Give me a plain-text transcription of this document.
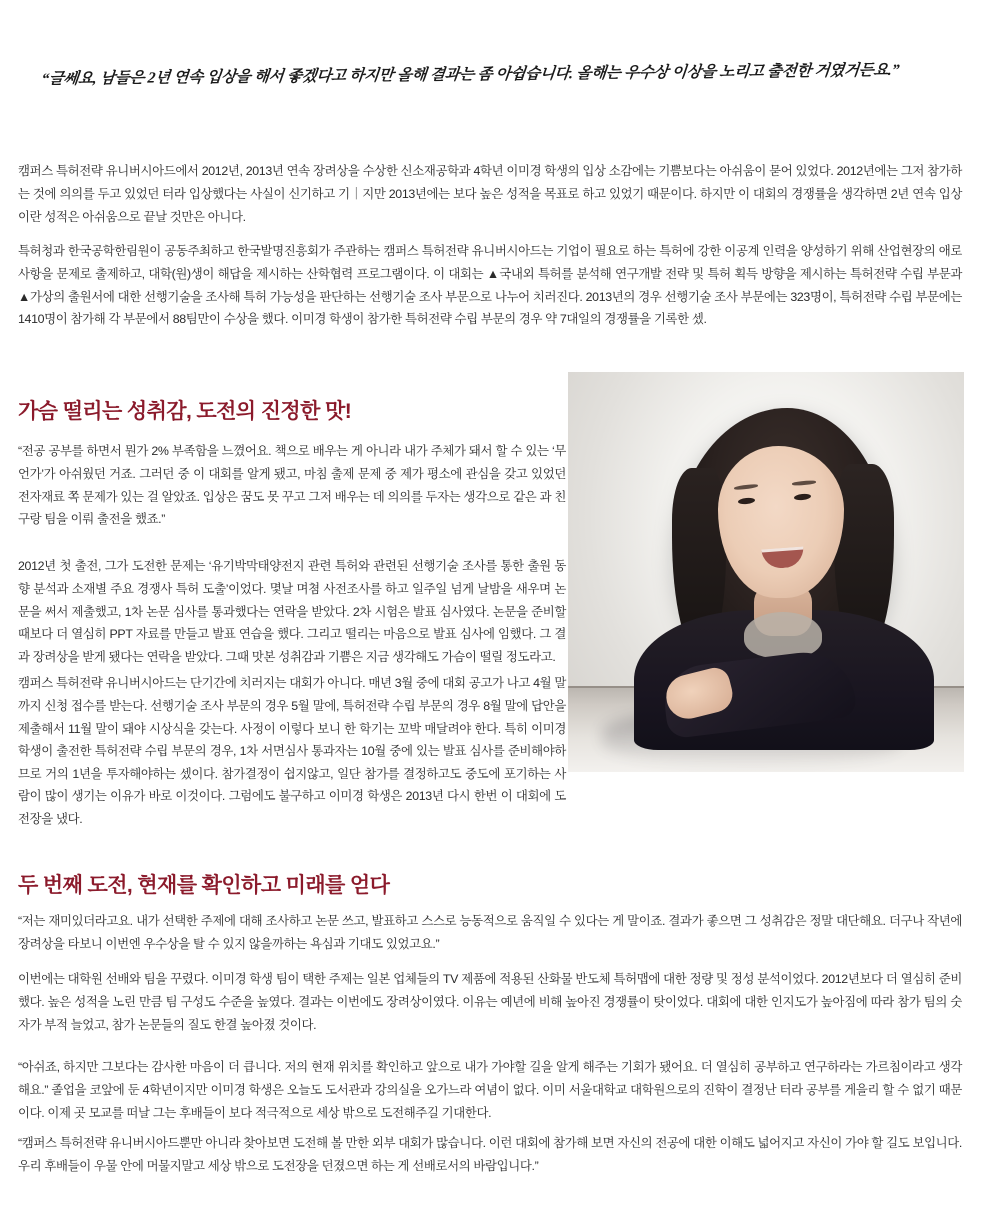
“글쎄요, 남들은 2년 연속 입상을 해서 좋겠다고 하지만 올해 결과는 좀 아쉽습니다. 올해는 우수상 이상을 노리고 출전한 거였거든요.”

캠퍼스 특허전략 유니버시아드에서 2012년, 2013년 연속 장려상을 수상한 신소재공학과 4학년 이미경 학생의 입상 소감에는 기쁨보다는 아쉬움이 묻어 있었다. 2012년에는 그저 참가하는 것에 의의를 두고 있었던 터라 입상했다는 사실이 신기하고 기｜지만 2013년에는 보다 높은 성적을 목표로 하고 있었기 때문이다. 하지만 이 대회의 경쟁률을 생각하면 2년 연속 입상이란 성적은 아쉬움으로 끝날 것만은 아니다.

특허청과 한국공학한림원이 공동주최하고 한국발명진흥회가 주관하는 캠퍼스 특허전략 유니버시아드는 기업이 필요로 하는 특허에 강한 이공계 인력을 양성하기 위해 산업현장의 애로사항을 문제로 출제하고, 대학(원)생이 해답을 제시하는 산학협력 프로그램이다. 이 대회는 ▲국내외 특허를 분석해 연구개발 전략 및 특허 획득 방향을 제시하는 특허전략 수립 부문과 ▲가상의 출원서에 대한 선행기술을 조사해 특허 가능성을 판단하는 선행기술 조사 부문으로 나누어 치러진다. 2013년의 경우 선행기술 조사 부문에는 323명이, 특허전략 수립 부문에는 1410명이 참가해 각 부문에서 88팀만이 수상을 했다. 이미경 학생이 참가한 특허전략 수립 부문의 경우 약 7대일의 경쟁률을 기록한 셌.

가슴 떨리는 성취감, 도전의 진정한 맛!

“전공 공부를 하면서 뭔가 2% 부족함을 느꼈어요. 책으로 배우는 게 아니라 내가 주체가 돼서 할 수 있는 ‘무언가’가 아쉬웠던 거죠. 그러던 중 이 대회를 알게 됐고, 마침 출제 문제 중 제가 평소에 관심을 갖고 있었던 전자재료 쪽 문제가 있는 걸 알았죠. 입상은 꿈도 못 꾸고 그저 배우는 데 의의를 두자는 생각으로 같은 과 친구랑 팀을 이뤄 출전을 했죠.”

2012년 첫 출전, 그가 도전한 문제는 ‘유기박막태양전지 관련 특허와 관련된 선행기술 조사를 통한 출원 동향 분석과 소재별 주요 경쟁사 특허 도출’이었다. 몇날 며쳠 사전조사를 하고 일주일 넘게 날밤을 새우며 논문을 써서 제출했고, 1차 논문 심사를 통과했다는 연락을 받았다. 2차 시험은 발표 심사였다. 논문을 준비할 때보다 더 열심히 PPT 자료를 만들고 발표 연습을 했다. 그리고 떨리는 마음으로 발표 심사에 임했다. 그 결과 장려상을 받게 됐다는 연락을 받았다. 그때 맛본 성취감과 기쁨은 지금 생각해도 가슴이 떨릴 정도라고.

캠퍼스 특허전략 유니버시아드는 단기간에 치러지는 대회가 아니다. 매년 3월 중에 대회 공고가 나고 4월 말까지 신청 접수를 받는다. 선행기술 조사 부문의 경우 5월 말에, 특허전략 수립 부문의 경우 8월 말에 답안을 제출해서 11월 말이 돼야 시상식을 갖는다. 사정이 이렇다 보니 한 학기는 꼬박 매달려야 한다. 특히 이미경 학생이 출전한 특허전략 수립 부문의 경우, 1차 서면심사 통과자는 10월 중에 있는 발표 심사를 준비해야하므로 거의 1년을 투자해야하는 셌이다. 참가결정이 쉽지않고, 일단 참가를 결정하고도 중도에 포기하는 사람이 많이 생기는 이유가 바로 이것이다. 그럼에도 불구하고 이미경 학생은 2013년 다시 한번 이 대회에 도전장을 냈다.

두 번째 도전, 현재를 확인하고 미래를 얻다

“저는 재미있더라고요. 내가 선택한 주제에 대해 조사하고 논문 쓰고, 발표하고 스스로 능동적으로 움직일 수 있다는 게 말이죠. 결과가 좋으면 그 성취감은 정말 대단해요. 더구나 작년에 장려상을 타보니 이번엔 우수상을 탈 수 있지 않을까하는 욕심과 기대도 있었고요.”

이번에는 대학원 선배와 팀을 꾸렸다. 이미경 학생 팀이 택한 주제는 일본 업체들의 TV 제품에 적용된 산화물 반도체 특허맵에 대한 정량 및 정성 분석이었다. 2012년보다 더 열심히 준비했다. 높은 성적을 노린 만큼 팀 구성도 수준을 높였다. 결과는 이번에도 장려상이였다. 이유는 예년에 비해 높아진 경쟁률이 탓이었다. 대회에 대한 인지도가 높아짐에 따라 참가 팀의 숫자가 부적 늘었고, 참가 논문들의 질도 한결 높아졌 것이다.

“아쉬죠, 하지만 그보다는 감사한 마음이 더 큽니다. 저의 현재 위치를 확인하고 앞으로 내가 가야할 길을 알게 해주는 기회가 됐어요. 더 열심히 공부하고 연구하라는 가르침이라고 생각해요.” 졸업을 코앞에 둔 4학년이지만 이미경 학생은 오늘도 도서관과 강의실을 오가느라 여념이 없다. 이미 서울대학교 대학원으로의 진학이 결정난 터라 공부를 게을리 할 수 없기 때문이다. 이제 곳 모교를 떠날 그는 후배들이 보다 적극적으로 세상 밖으로 도전해주길 기대한다.

“캠퍼스 특허전략 유니버시아드뿐만 아니라 찾아보면 도전해 볼 만한 외부 대회가 많습니다. 이런 대회에 참가해 보면 자신의 전공에 대한 이해도 넓어지고 자신이 가야 할 길도 보입니다. 우리 후배들이 우물 안에 머물지말고 세상 밖으로 도전장을 던졌으면 하는 게 선배로서의 바람입니다.”
